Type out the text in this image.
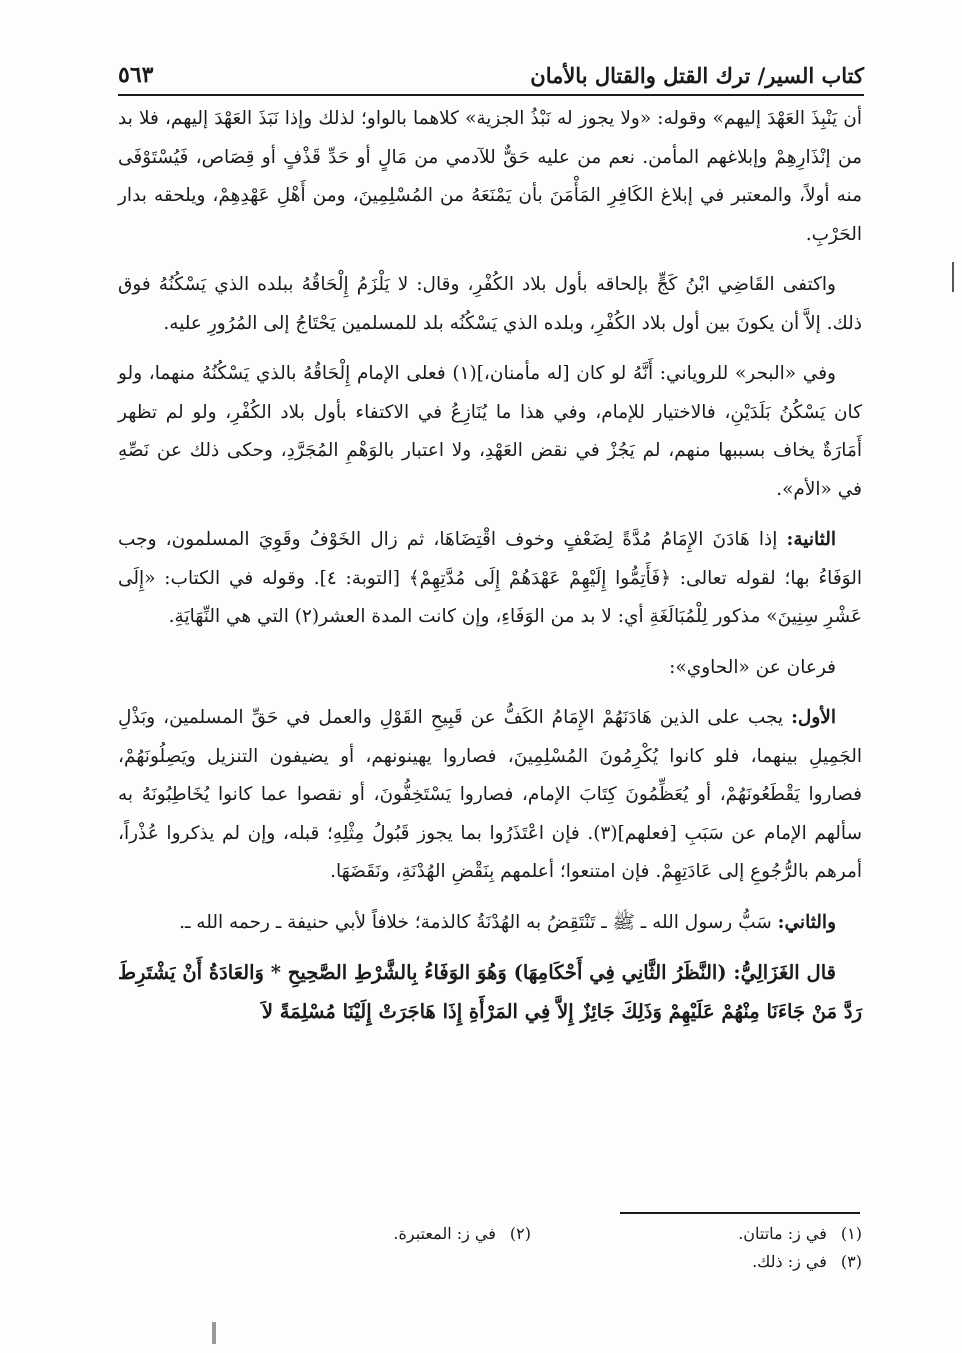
كتاب السير/ ترك القتل والقتال بالأمان
٥٦٣

أن يَنْبِذَ العَهْدَ إليهم» وقوله: «ولا يجوز له نَبْذُ الجزية» كلاهما بالواو؛ لذلك وإذا نَبَذَ العَهْدَ إليهم، فلا بد من إنْذَارِهِمْ وإبلاغهم المأمن. نعم من عليه حَقٌّ للآدمي من مَالٍ أو حَدِّ قَذْفٍ أو قِصَاص، فَيُسْتَوْفَى منه أولاً، والمعتبر في إبلاغ الكَافِرِ المَأْمَنَ بأن يَمْنَعَهُ من المُسْلِمِينَ، ومن أَهْلِ عَهْدِهِمْ، ويلحقه بدار الحَرْبِ.

واكتفى القَاضِي ابْنُ كَجٍّ بإلحاقه بأول بلاد الكُفْرِ، وقال: لا يَلْزَمُ إِلْحَاقُهُ ببلده الذي يَسْكُنُهُ فوق ذلك. إلاَّ أن يكونَ بين أول بلاد الكُفْرِ، وبلده الذي يَسْكُنُه بلد للمسلمين يَحْتَاجُ إلى المُرُورِ عليه.

وفي «البحر» للروياني: أَنَّهُ لو كان [له مأمنان،](١) فعلى الإمام إِلْحَاقُهُ بالذي يَسْكُنُهُ منهما، ولو كان يَسْكُنُ بَلَدَيْنِ، فالاختيار للإمام، وفي هذا ما يُنَازِعُ في الاكتفاء بأول بلاد الكُفْرِ، ولو لم تظهر أَمَارَةٌ يخاف بسببها منهم، لم يَجُزْ في نقض العَهْدِ، ولا اعتبار بالوَهْمِ المُجَرَّدِ، وحكى ذلك عن نَصِّهِ في «الأم».

الثانية: إذا هَادَنَ الإِمَامُ مُدَّةً لِضَعْفٍ وخوف اقْتِضَاهَا، ثم زال الخَوْفُ وقَوِيَ المسلمون، وجب الوَفَاءُ بها؛ لقوله تعالى: ﴿فَأَتِمُّوا إِلَيْهِمْ عَهْدَهُمْ إِلَى مُدَّتِهِمْ﴾ [التوبة: ٤]. وقوله في الكتاب: «إِلَى عَشْرِ سِنِينَ» مذكور لِلْمُبَالَغَةِ أي: لا بد من الوَفَاءِ، وإن كانت المدة العشر(٢) التي هي النِّهَايَةِ.

فرعان عن «الحاوي»:

الأول: يجب على الذين هَادَنَهُمْ الإِمَامُ الكَفُّ عن قَبِيحِ القَوْلِ والعمل في حَقِّ المسلمين، وبَذْلِ الجَمِيلِ بينهما، فلو كانوا يُكْرِمُونَ المُسْلِمِينَ، فصاروا يهينونهم، أو يضيفون التنزيل ويَصِلُونَهُمْ، فصاروا يَقْطَعُونَهُمْ، أو يُعَظِّمُونَ كِتَابَ الإمام، فصاروا يَسْتَخِفُّونَ، أو نقصوا عما كانوا يُخَاطِبُونَهُ به سألهم الإمام عن سَبَبِ [فعلهم](٣). فإن اعْتَذَرُوا بما يجوز قَبُولُ مِثْلِهِ؛ قبله، وإن لم يذكروا عُذْراً، أمرهم بالرُّجُوعِ إلى عَادَتِهِمْ. فإن امتنعوا؛ أعلمهم بِنَقْضِ الهُدْنَةِ، ونَقَضَهَا.

والثاني: سَبُّ رسول الله ـ ﷺ ـ تَنْتَقِضُ به الهُدْنَةُ كالذمة؛ خلافاً لأبي حنيفة ـ رحمه الله ـ.

قال الغَزَالِيُّ: (النَّظَرُ الثَّانِي فِي أَحْكَامِهَا) وَهُوَ الوَفَاءُ بِالشَّرْطِ الصَّحِيحِ * وَالعَادَةُ أَنْ يَشْتَرِطَ رَدَّ مَنْ جَاءَنَا مِنْهُمْ عَلَيْهِمْ وَذَلِكَ جَائِزٌ إِلاَّ فِي المَرْأَةِ إِذَا هَاجَرَتْ إِلَيْنَا مُسْلِمَةً لاَ

(١)في ز: ماتتان.
(٢)في ز: المعتبرة.
(٣)في ز: ذلك.
